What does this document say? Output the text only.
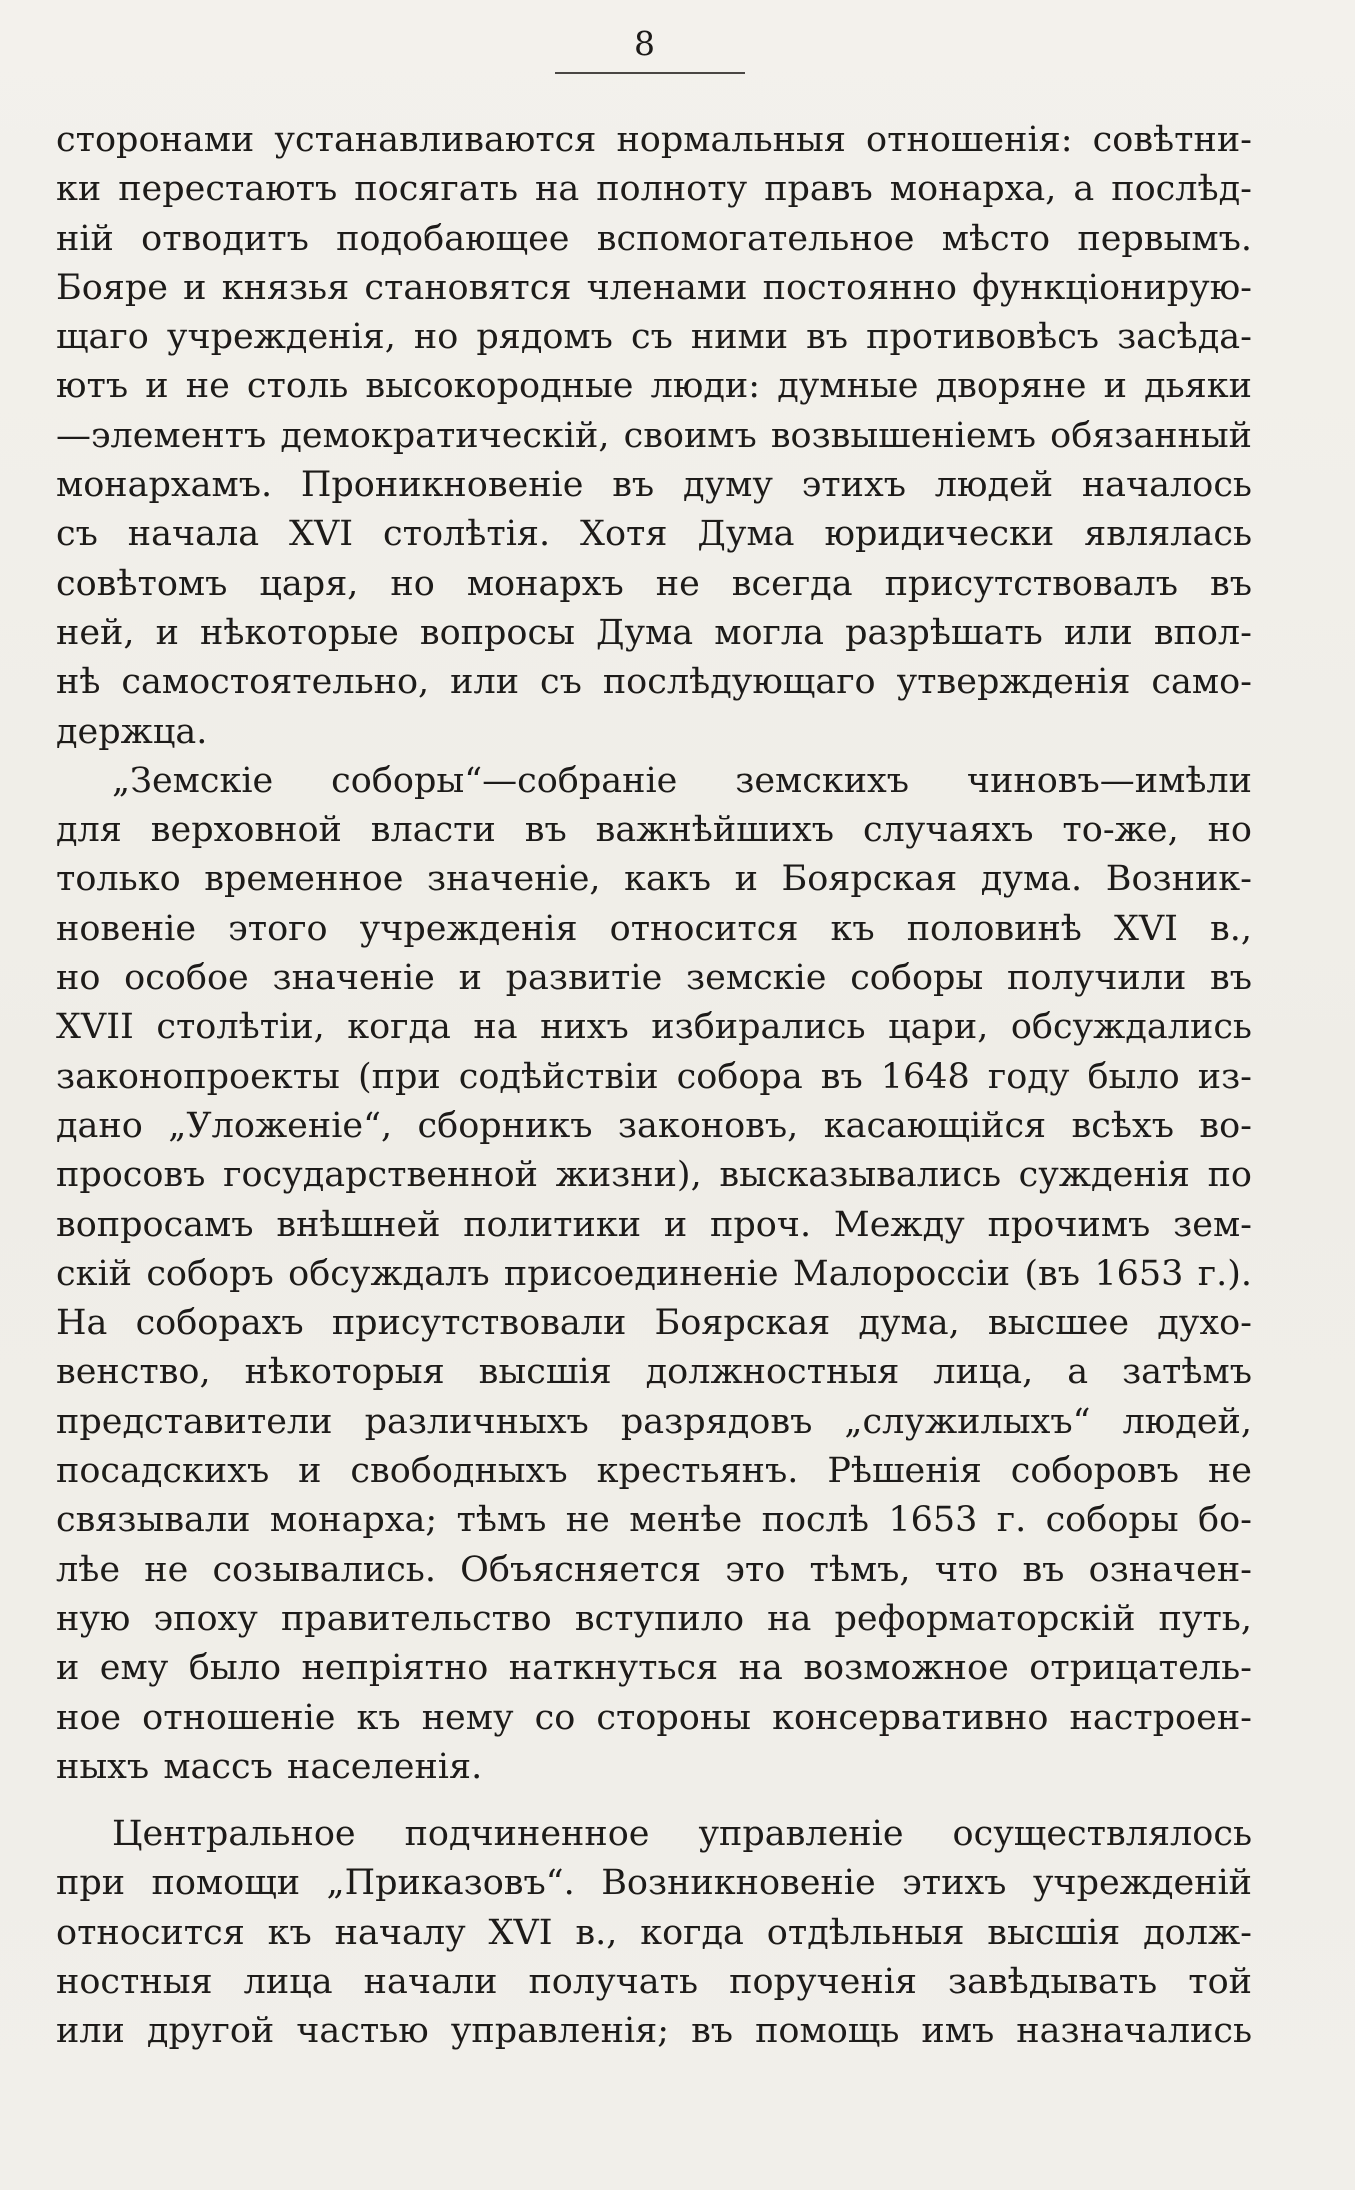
8
сторонами устанавливаются нормальныя отношенія: совѣтни-
ки перестаютъ посягать на полноту правъ монарха, а послѣд-
ній отводитъ подобающее вспомогательное мѣсто первымъ.
Бояре и князья становятся членами постоянно функціонирую-
щаго учрежденія, но рядомъ съ ними въ противовѣсъ засѣда-
ютъ и не столь высокородные люди: думные дворяне и дьяки
—элементъ демократическій, своимъ возвышеніемъ обязанный
монархамъ. Проникновеніе въ думу этихъ людей началось
съ начала XVI столѣтія. Хотя Дума юридически являлась
совѣтомъ царя, но монархъ не всегда присутствовалъ въ
ней, и нѣкоторые вопросы Дума могла разрѣшать или впол-
нѣ самостоятельно, или съ послѣдующаго утвержденія само-
держца.
„Земскіе соборы“—собраніе земскихъ чиновъ—имѣли
для верховной власти въ важнѣйшихъ случаяхъ то-же, но
только временное значеніе, какъ и Боярская дума. Возник-
новеніе этого учрежденія относится къ половинѣ XVI в.,
но особое значеніе и развитіе земскіе соборы получили въ
XVII столѣтіи, когда на нихъ избирались цари, обсуждались
законопроекты (при содѣйствіи собора въ 1648 году было из-
дано „Уложеніе“, сборникъ законовъ, касающійся всѣхъ во-
просовъ государственной жизни), высказывались сужденія по
вопросамъ внѣшней политики и проч. Между прочимъ зем-
скій соборъ обсуждалъ присоединеніе Малороссіи (въ 1653 г.).
На соборахъ присутствовали Боярская дума, высшее духо-
венство, нѣкоторыя высшія должностныя лица, а затѣмъ
представители различныхъ разрядовъ „служилыхъ“ людей,
посадскихъ и свободныхъ крестьянъ. Рѣшенія соборовъ не
связывали монарха; тѣмъ не менѣе послѣ 1653 г. соборы бо-
лѣе не созывались. Объясняется это тѣмъ, что въ означен-
ную эпоху правительство вступило на реформаторскій путь,
и ему было непріятно наткнуться на возможное отрицатель-
ное отношеніе къ нему со стороны консервативно настроен-
ныхъ массъ населенія.
Центральное подчиненное управленіе осуществлялось
при помощи „Приказовъ“. Возникновеніе этихъ учрежденій
относится къ началу XVI в., когда отдѣльныя высшія долж-
ностныя лица начали получать порученія завѣдывать той
или другой частью управленія; въ помощь имъ назначались
